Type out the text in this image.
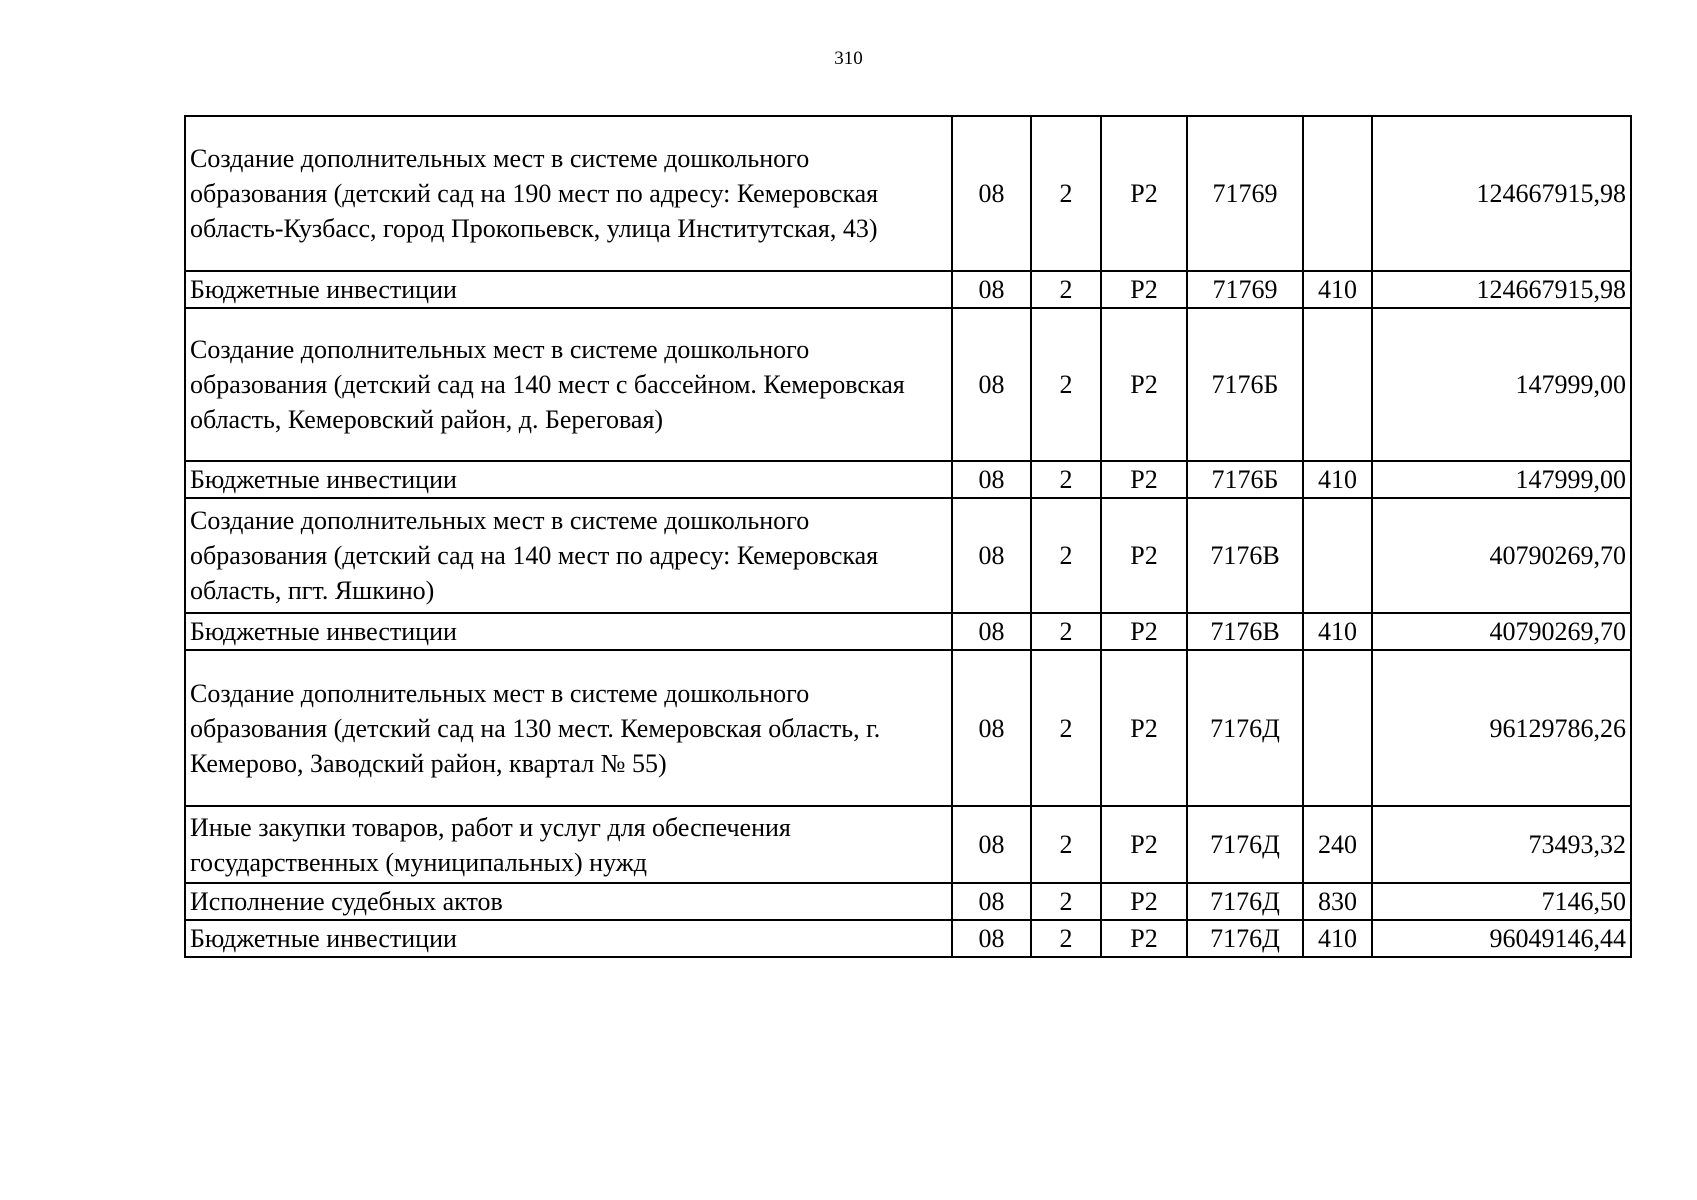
310
Создание дополнительных мест в системе дошкольного образования (детский сад на 190 мест по адресу: Кемеровская область-Кузбасс, город Прокопьевск, улица Институтская, 43)	08	2	P2	71769		124667915,98
Бюджетные инвестиции	08	2	P2	71769	410	124667915,98
Создание дополнительных мест в системе дошкольного образования (детский сад на 140 мест с бассейном. Кемеровская область, Кемеровский район, д. Береговая)	08	2	P2	7176Б		147999,00
Бюджетные инвестиции	08	2	P2	7176Б	410	147999,00
Создание дополнительных мест в системе дошкольного образования (детский сад на 140 мест по адресу: Кемеровская область, пгт. Яшкино)	08	2	P2	7176В		40790269,70
Бюджетные инвестиции	08	2	P2	7176В	410	40790269,70
Создание дополнительных мест в системе дошкольного образования (детский сад на 130 мест. Кемеровская область, г. Кемерово, Заводский район, квартал № 55)	08	2	P2	7176Д		96129786,26
Иные закупки товаров, работ и услуг для обеспечения государственных (муниципальных) нужд	08	2	P2	7176Д	240	73493,32
Исполнение судебных актов	08	2	P2	7176Д	830	7146,50
Бюджетные инвестиции	08	2	P2	7176Д	410	96049146,44
